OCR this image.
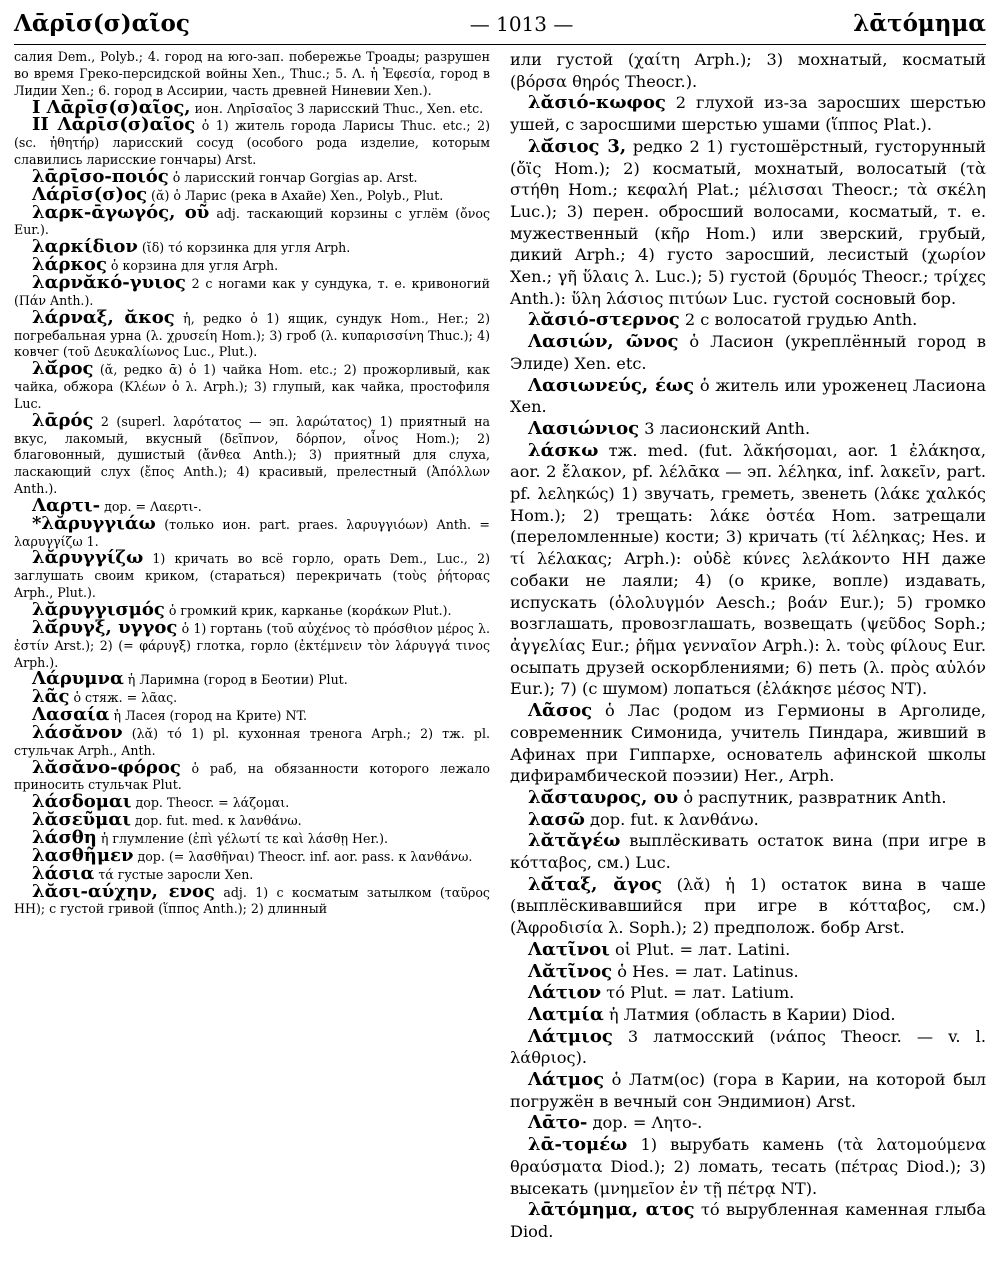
Λᾱρῑσ(σ)αῖος	— 1013 —	λᾱτόμημα

салия Dem., Polyb.; 4. город на юго-зап. побережье Троады; разрушен во время Греко-персидской войны Xen., Thuc.; 5. Λ. ἡ Ἐφεσία, город в Лидии Xen.; 6. город в Ассирии, часть древней Ниневии Xen.).

I Λᾱρῑσ(σ)αῖος, ион. Ληρῑσαῖος 3 ларисский Thuc., Xen. etc.

II Λᾱρῑσ(σ)αῖος ὁ 1) житель города Ларисы Thuc. etc.; 2) (sc. ἠθητήρ) ларисский сосуд (особого рода изделие, которым славились ларисские гончары) Arst.

λᾱρῑσο-ποιός ὁ ларисский гончар Gorgias ap. Arst.

Λάρῑσ(σ)ος (ᾰ) ὁ Ларис (река в Ахайе) Xen., Polyb., Plut.

λαρκ-ᾱγωγός, οῦ adj. таскающий корзины с углём (ὄνος Eur.).

λαρκίδιον (ῐδ) τό корзинка для угля Arph.

λάρκος ὁ корзина для угля Arph.

λαρνᾰκό-γυιος 2 с ногами как у сундука, т. е. кривоногий (Πάν Anth.).

λάρναξ, ᾰκος ἡ, редко ὁ 1) ящик, сундук Hom., Her.; 2) погребальная урна (λ. χρυσείη Hom.); 3) гроб (λ. κυπαρισσίνη Thuc.); 4) ковчег (τοῦ Δευκαλίωνος Luc., Plut.).

λᾰ́ρος (ᾰ, редко ᾱ) ὁ 1) чайка Hom. etc.; 2) прожорливый, как чайка, обжора (Κλέων ὁ λ. Arph.); 3) глупый, как чайка, простофиля Luc.

λᾱρός 2 (superl. λαρότατος — эп. λαρώτατος) 1) приятный на вкус, лакомый, вкусный (δεῖπνον, δόρπον, οἶνος Hom.); 2) благовонный, душистый (ἄνθεα Anth.); 3) приятный для слуха, ласкающий слух (ἔπος Anth.); 4) красивый, прелестный (Ἀπόλλων Anth.).

Λαρτι- дор. = Λαερτι-.

*λᾰρυγγιάω (только ион. part. praes. λαρυγγιόων) Anth. = λαρυγγίζω 1.

λᾰρυγγίζω 1) кричать во всё горло, орать Dem., Luc., 2) заглушать своим криком, (стараться) перекричать (τοὺς ῥήτορας Arph., Plut.).

λᾰρυγγισμός ὁ громкий крик, карканье (κοράκων Plut.).

λᾰ́ρυγξ, υγγος ὁ 1) гортань (τοῦ αὐχένος τὸ πρόσθιον μέρος λ. ἐστίν Arst.); 2) (= φάρυγξ) глотка, горло (ἐκτέμνειν τὸν λάρυγγά τινος Arph.).

Λάρυμνα ἡ Ларимна (город в Беотии) Plut.

λᾶς ὁ стяж. = λᾶας.

Λασαία ἡ Ласея (город на Крите) NT.

λάσᾰνον (λᾰ) τό 1) pl. кухонная тренога Arph.; 2) тж. pl. стульчак Arph., Anth.

λᾰσᾰνο-φόρος ὁ раб, на обязанности которого лежало приносить стульчак Plut.

λάσδομαι дор. Theocr. = λάζομαι.

λᾰσεῦμαι дор. fut. med. к λανθάνω.

λάσθη ἡ глумление (ἐπὶ γέλωτί τε καὶ λάσθῃ Her.).

λασθῆμεν дор. (= λασθῆναι) Theocr. inf. aor. pass. к λανθάνω.

λάσια τά густые заросли Xen.

λᾰσι-αύχην, ενος adj. 1) с косматым затылком (ταῦρος HH); с густой гривой (ἵππος Anth.); 2) длинный

или густой (χαίτη Arph.); 3) мохнатый, косматый (βόρσα θηρός Theocr.).

λᾰσιό-κωφος 2 глухой из-за заросших шерстью ушей, с заросшими шерстью ушами (ἵππος Plat.).

λᾰ́σιος 3, редко 2 1) густошёрстный, густорунный (ὄϊς Hom.); 2) косматый, мохнатый, волосатый (τὰ στήθη Hom.; κεφαλή Plat.; μέλισσαι Theocr.; τὰ σκέλη Luc.); 3) перен. обросший волосами, косматый, т. е. мужественный (κῆρ Hom.) или зверский, грубый, дикий Arph.; 4) густо заросший, лесистый (χωρίον Xen.; γῆ ὕλαις λ. Luc.); 5) густой (δρυμός Theocr.; τρίχες Anth.): ὕλη λάσιος πιτύων Luc. густой сосновый бор.

λᾰσιό-στερνος 2 с волосатой грудью Anth.

Λασιών, ῶνος ὁ Ласион (укреплённый город в Элиде) Xen. etc.

Λασιωνεύς, έως ὁ житель или уроженец Ласиона Xen.

Λασιώνιος 3 ласионский Anth.

λάσκω тж. med. (fut. λᾰκήσομαι, aor. 1 ἐλάκησα, aor. 2 ἔλακον, pf. λέλᾱκα — эп. λέληκα, inf. λακεῖν, part. pf. λεληκώς) 1) звучать, греметь, звенеть (λάκε χαλκός Hom.); 2) трещать: λάκε ὀστέα Hom. затрещали (переломленные) кости; 3) кричать (τί λέληκας; Hes. и τί λέλακας; Arph.): οὐδὲ κύνες λελάκοντο HH даже собаки не лаяли; 4) (о крике, вопле) издавать, испускать (ὀλολυγμόν Aesch.; βοάν Eur.); 5) громко возглашать, провозглашать, возвещать (ψεῦδος Soph.; ἀγγελίας Eur.; ῥῆμα γενναῖον Arph.): λ. τοὺς φίλους Eur. осыпать друзей оскорблениями; 6) петь (λ. πρὸς αὐλόν Eur.); 7) (с шумом) лопаться (ἐλάκησε μέσος NT).

Λᾶσος ὁ Лас (родом из Гермионы в Арголиде, современник Симонида, учитель Пиндара, живший в Афинах при Гиппархе, основатель афинской школы дифирамбической поэзии) Her., Arph.

λᾰ́σταυρος, ου ὁ распутник, развратник Anth.

λασῶ дор. fut. к λανθάνω.

λᾰτᾰγέω выплёскивать остаток вина (при игре в κότταβος, см.) Luc.

λᾰ́ταξ, ᾰγος (λᾰ) ἡ 1) остаток вина в чаше (выплёскивавшийся при игре в κότταβος, см.) (Ἀφροδισία λ. Soph.); 2) предполож. бобр Arst.

Λατῖνοι οἱ Plut. = лат. Latini.

Λᾰτῖνος ὁ Hes. = лат. Latinus.

Λάτιον τό Plut. = лат. Latium.

Λατμία ἡ Латмия (область в Карии) Diod.

Λάτμιος 3 латмосский (νάπος Theocr. — v. l. λάθριος).

Λάτμος ὁ Латм(ос) (гора в Карии, на которой был погружён в вечный сон Эндимион) Arst.

Λᾱτο- дор. = Λητο-.

λᾱ-τομέω 1) вырубать камень (τὰ λατομούμενα θραύσματα Diod.); 2) ломать, тесать (πέτρας Diod.); 3) высекать (μνημεῖον ἐν τῇ πέτρᾳ NT).

λᾱτόμημα, ατος τό вырубленная каменная глыба Diod.
